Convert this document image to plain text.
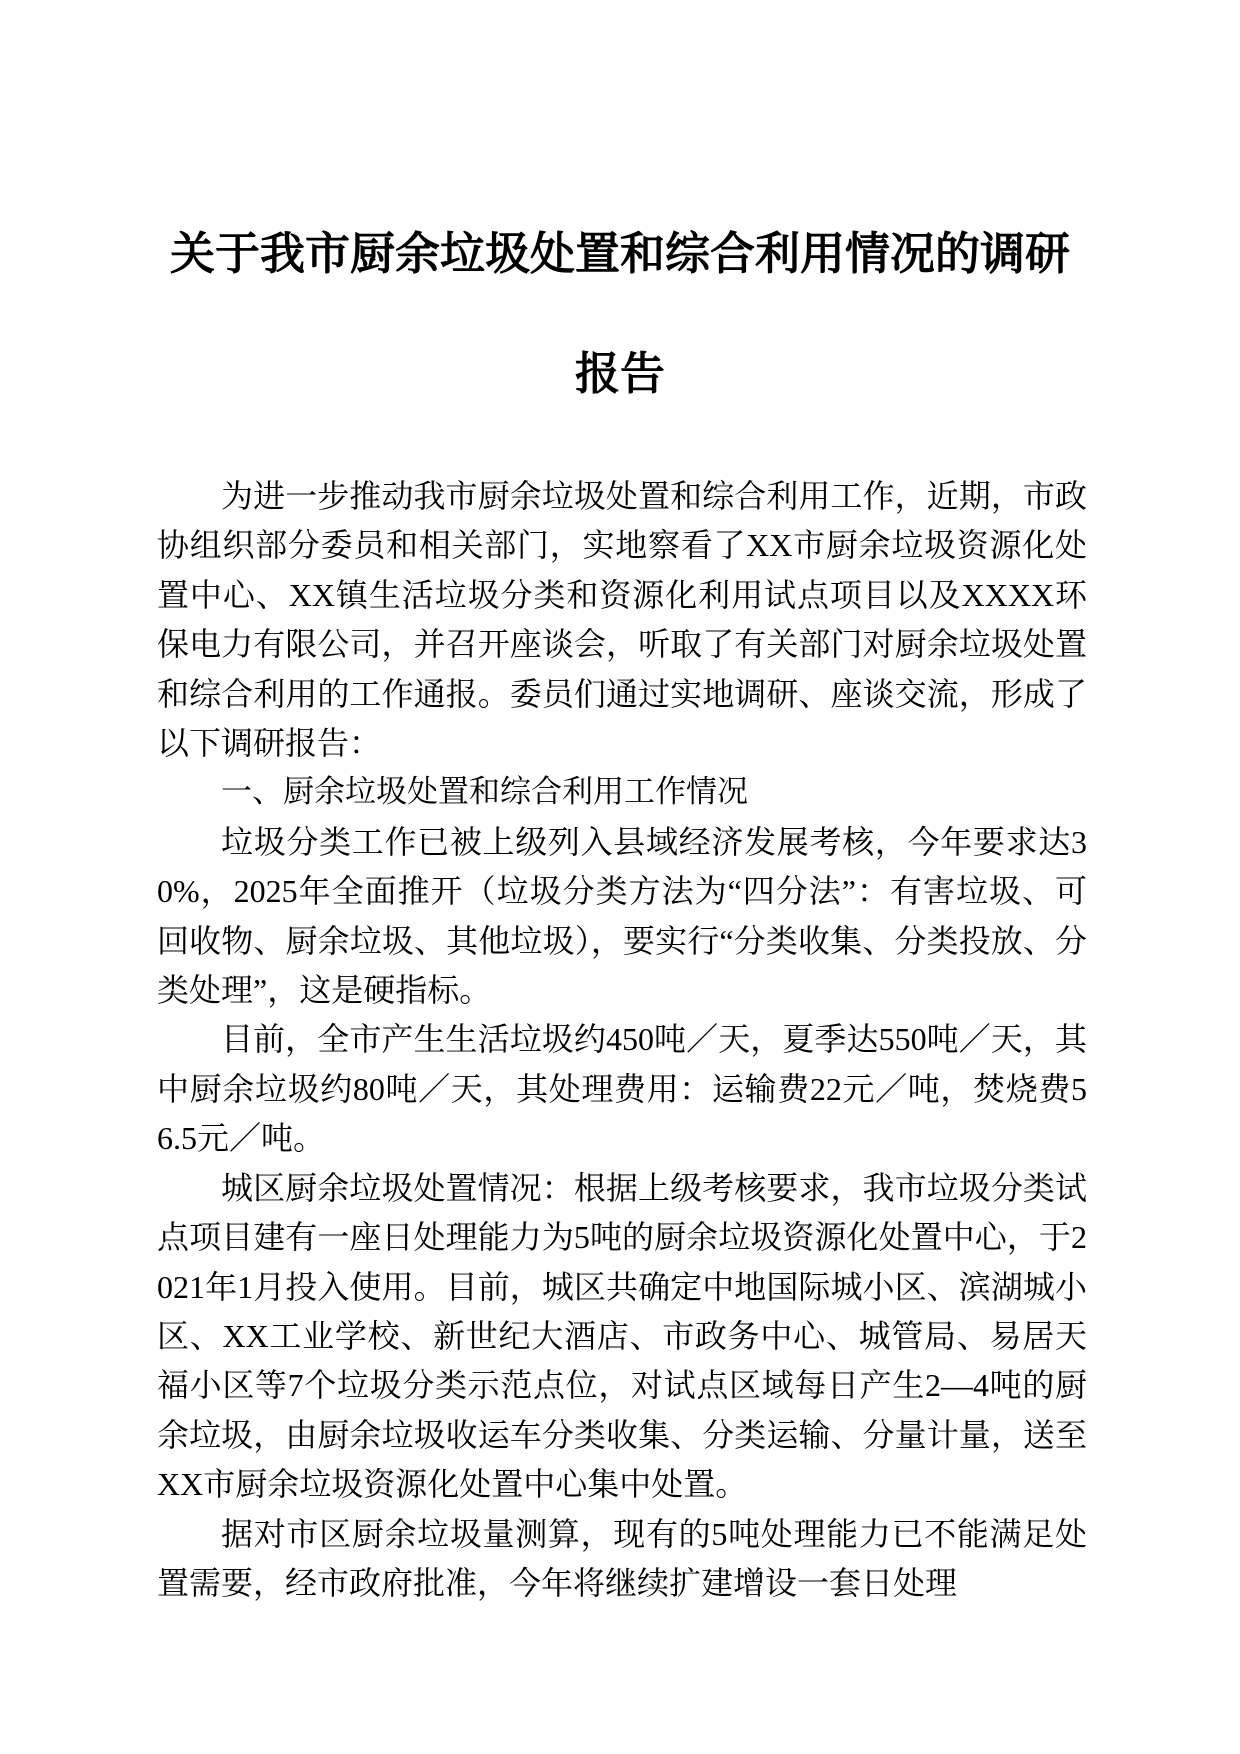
关于我市厨余垃圾处置和综合利用情况的调研
报告

为进一步推动我市厨余垃圾处置和综合利用工作，近期，市政协组织部分委员和相关部门，实地察看了XX市厨余垃圾资源化处置中心、XX镇生活垃圾分类和资源化利用试点项目以及XXXX环保电力有限公司，并召开座谈会，听取了有关部门对厨余垃圾处置和综合利用的工作通报。委员们通过实地调研、座谈交流，形成了以下调研报告：

一、厨余垃圾处置和综合利用工作情况

垃圾分类工作已被上级列入县域经济发展考核，今年要求达30%，2025年全面推开（垃圾分类方法为“四分法”：有害垃圾、可回收物、厨余垃圾、其他垃圾），要实行“分类收集、分类投放、分类处理”，这是硬指标。

目前，全市产生生活垃圾约450吨／天，夏季达550吨／天，其中厨余垃圾约80吨／天，其处理费用：运输费22元／吨，焚烧费56.5元／吨。

城区厨余垃圾处置情况：根据上级考核要求，我市垃圾分类试点项目建有一座日处理能力为5吨的厨余垃圾资源化处置中心，于2021年1月投入使用。目前，城区共确定中地国际城小区、滨湖城小区、XX工业学校、新世纪大酒店、市政务中心、城管局、易居天福小区等7个垃圾分类示范点位，对试点区域每日产生2—4吨的厨余垃圾，由厨余垃圾收运车分类收集、分类运输、分量计量，送至XX市厨余垃圾资源化处置中心集中处置。

据对市区厨余垃圾量测算，现有的5吨处理能力已不能满足处置需要，经市政府批准，今年将继续扩建增设一套日处理
